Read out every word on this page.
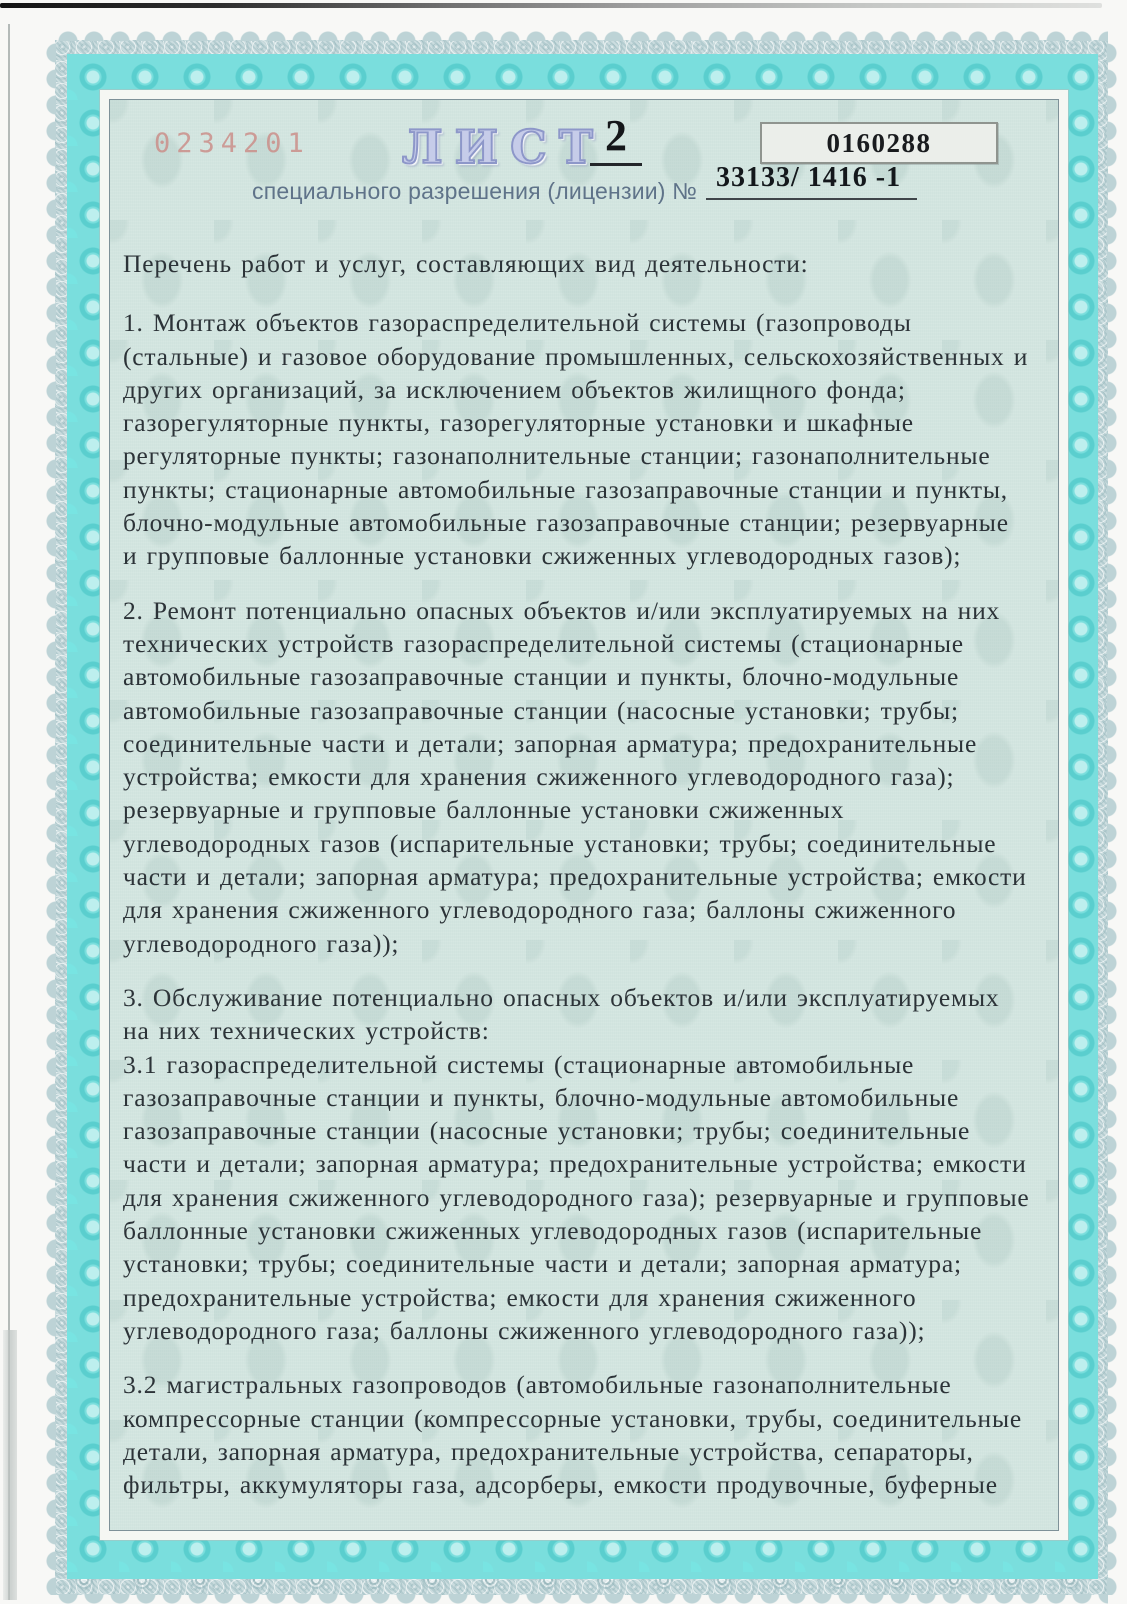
0234201 ЛИСТ 2	0160288
специального разрешения (лицензии) № 33133/ 1416 -1
Перечень работ и услуг, составляющих вид деятельности:
1. Монтаж объектов газораспределительной системы (газопроводы
(стальные) и газовое оборудование промышленных, сельскохозяйственных и
других организаций, за исключением объектов жилищного фонда;
газорегуляторные пункты, газорегуляторные установки и шкафные
регуляторные пункты; газонаполнительные станции; газонаполнительные
пункты; стационарные автомобильные газозаправочные станции и пункты,
блочно-модульные автомобильные газозаправочные станции; резервуарные
и групповые баллонные установки сжиженных углеводородных газов);
2. Ремонт потенциально опасных объектов и/или эксплуатируемых на них
технических устройств газораспределительной системы (стационарные
автомобильные газозаправочные станции и пункты, блочно-модульные
автомобильные газозаправочные станции (насосные установки; трубы;
соединительные части и детали; запорная арматура; предохранительные
устройства; емкости для хранения сжиженного углеводородного газа);
резервуарные и групповые баллонные установки сжиженных
углеводородных газов (испарительные установки; трубы; соединительные
части и детали; запорная арматура; предохранительные устройства; емкости
для хранения сжиженного углеводородного газа; баллоны сжиженного
углеводородного газа));
3. Обслуживание потенциально опасных объектов и/или эксплуатируемых
на них технических устройств:
3.1 газораспределительной системы (стационарные автомобильные
газозаправочные станции и пункты, блочно-модульные автомобильные
газозаправочные станции (насосные установки; трубы; соединительные
части и детали; запорная арматура; предохранительные устройства; емкости
для хранения сжиженного углеводородного газа); резервуарные и групповые
баллонные установки сжиженных углеводородных газов (испарительные
установки; трубы; соединительные части и детали; запорная арматура;
предохранительные устройства; емкости для хранения сжиженного
углеводородного газа; баллоны сжиженного углеводородного газа));
3.2 магистральных газопроводов (автомобильные газонаполнительные
компрессорные станции (компрессорные установки, трубы, соединительные
детали, запорная арматура, предохранительные устройства, сепараторы,
фильтры, аккумуляторы газа, адсорберы, емкости продувочные, буферные
